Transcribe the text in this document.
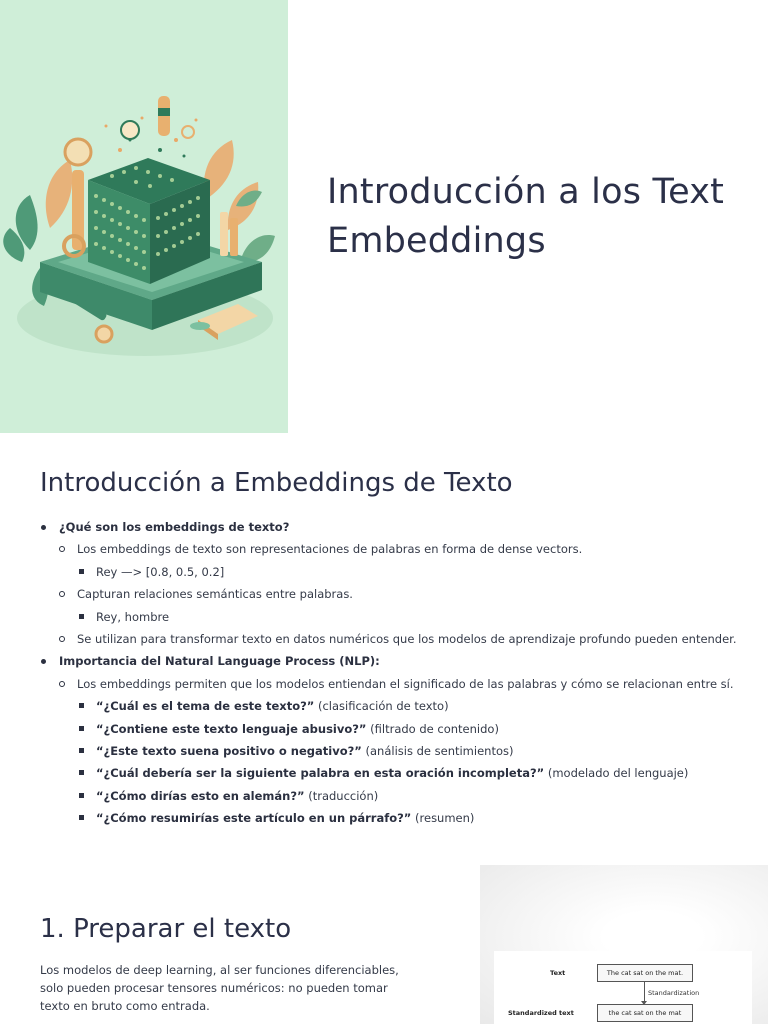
Introducción a los Text
Embeddings
Introducción a Embeddings de Texto
¿Qué son los embeddings de texto?
Los embeddings de texto son representaciones de palabras en forma de dense vectors.
Rey —> [0.8, 0.5, 0.2]
Capturan relaciones semánticas entre palabras.
Rey, hombre
Se utilizan para transformar texto en datos numéricos que los modelos de aprendizaje profundo pueden entender.
Importancia del Natural Language Process (NLP):
Los embeddings permiten que los modelos entiendan el significado de las palabras y cómo se relacionan entre sí.
“¿Cuál es el tema de este texto?” (clasificación de texto)
“¿Contiene este texto lenguaje abusivo?” (filtrado de contenido)
“¿Este texto suena positivo o negativo?” (análisis de sentimientos)
“¿Cuál debería ser la siguiente palabra en esta oración incompleta?” (modelado del lenguaje)
“¿Cómo dirías esto en alemán?” (traducción)
“¿Cómo resumirías este artículo en un párrafo?” (resumen)
1. Preparar el texto

Los modelos de deep learning, al ser funciones diferenciables, solo pueden procesar tensores numéricos: no pueden tomar texto en bruto como entrada.

Text	The cat sat on the mat.
Standardization
Standardized text	the cat sat on the mat
